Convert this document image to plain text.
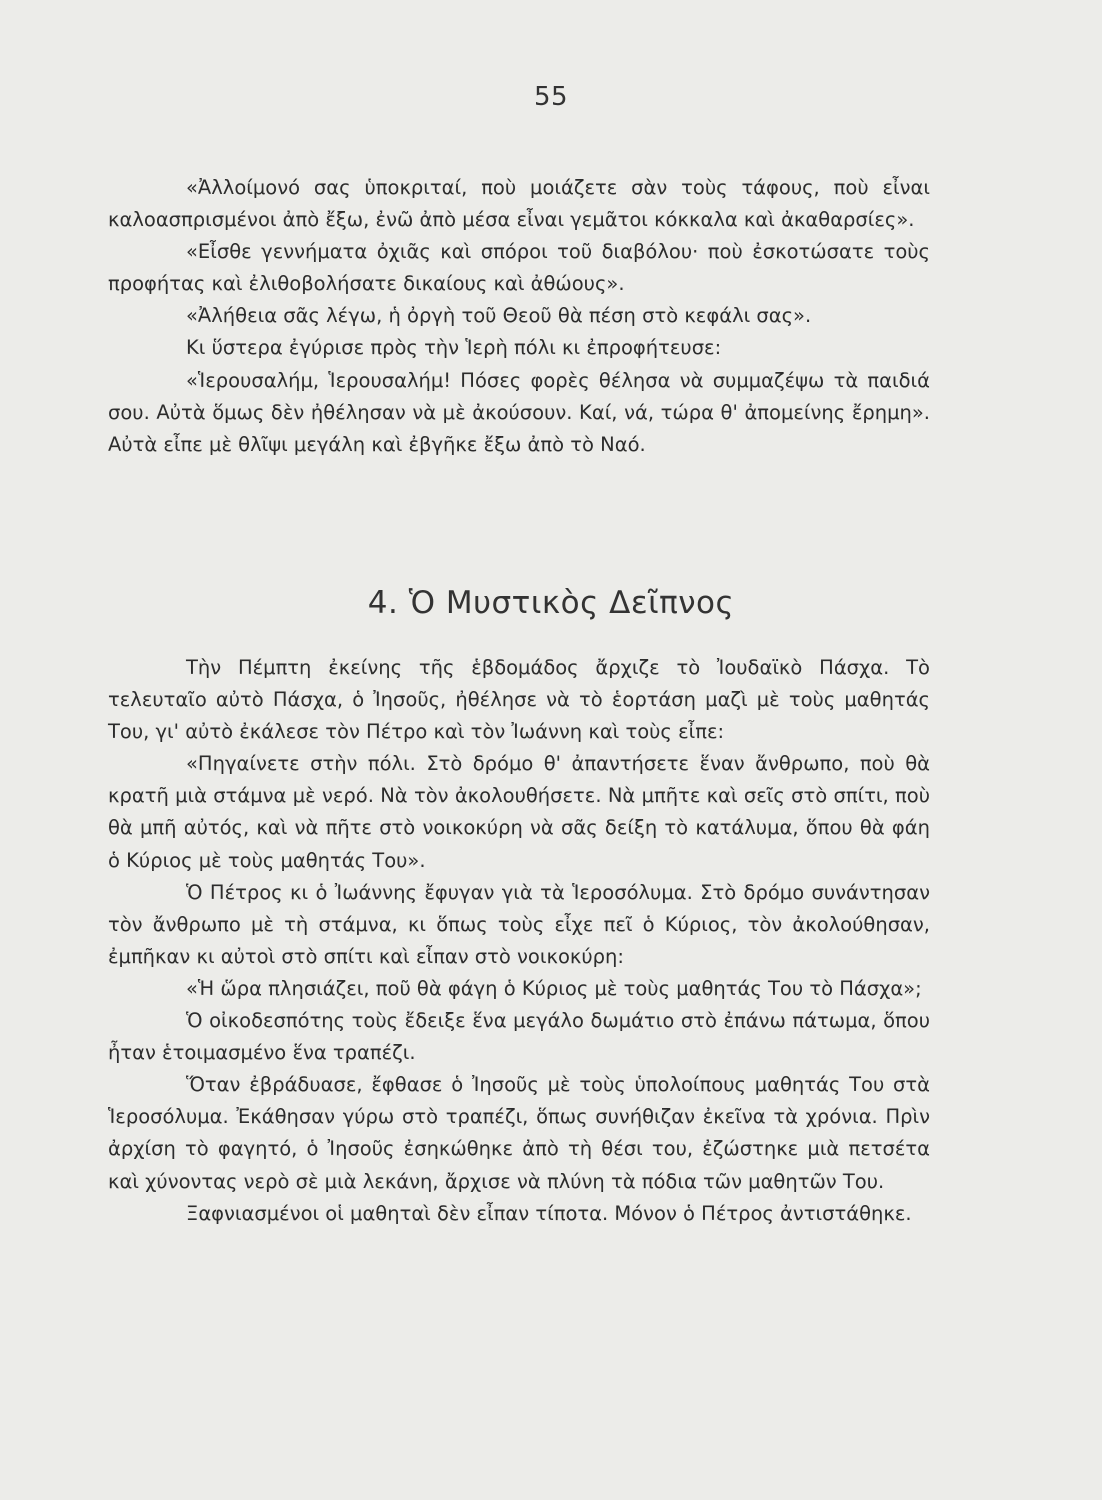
55

«Ἀλλοίμονό σας ὑποκριταί, ποὺ μοιάζετε σὰν τοὺς τάφους, ποὺ εἶναι καλοασπρισμένοι ἀπὸ ἔξω, ἐνῶ ἀπὸ μέσα εἶναι γεμᾶτοι κόκκαλα καὶ ἀκαθαρσίες».

«Εἶσθε γεννήματα ὀχιᾶς καὶ σπόροι τοῦ διαβόλου· ποὺ ἐσκοτώσατε τοὺς προφήτας καὶ ἐλιθοβολήσατε δικαίους καὶ ἀθώους».

«Ἀλήθεια σᾶς λέγω, ἡ ὀργὴ τοῦ Θεοῦ θὰ πέση στὸ κεφάλι σας».

Κι ὕστερα ἐγύρισε πρὸς τὴν Ἱερὴ πόλι κι ἐπροφήτευσε:

«Ἱερουσαλήμ, Ἱερουσαλήμ! Πόσες φορὲς θέλησα νὰ συμμαζέψω τὰ παιδιά σου. Αὐτὰ ὅμως δὲν ἠθέλησαν νὰ μὲ ἀκούσουν. Καί, νά, τώρα θ' ἀπομείνης ἔρημη». Αὐτὰ εἶπε μὲ θλῖψι μεγάλη καὶ ἐβγῆκε ἔξω ἀπὸ τὸ Ναό.

4. Ὁ Μυστικὸς Δεῖπνος

Τὴν Πέμπτη ἐκείνης τῆς ἑβδομάδος ἄρχιζε τὸ Ἰουδαϊκὸ Πάσχα. Τὸ τελευταῖο αὐτὸ Πάσχα, ὁ Ἰησοῦς, ἠθέλησε νὰ τὸ ἑορτάση μαζὶ μὲ τοὺς μαθητάς Του, γι' αὐτὸ ἐκάλεσε τὸν Πέτρο καὶ τὸν Ἰωάννη καὶ τοὺς εἶπε:

«Πηγαίνετε στὴν πόλι. Στὸ δρόμο θ' ἀπαντήσετε ἕναν ἄνθρωπο, ποὺ θὰ κρατῆ μιὰ στάμνα μὲ νερό. Νὰ τὸν ἀκολουθήσετε. Νὰ μπῆτε καὶ σεῖς στὸ σπίτι, ποὺ θὰ μπῆ αὐτός, καὶ νὰ πῆτε στὸ νοικοκύρη νὰ σᾶς δείξη τὸ κατάλυμα, ὅπου θὰ φάη ὁ Κύριος μὲ τοὺς μαθητάς Του».

Ὁ Πέτρος κι ὁ Ἰωάννης ἔφυγαν γιὰ τὰ Ἱεροσόλυμα. Στὸ δρόμο συνάντησαν τὸν ἄνθρωπο μὲ τὴ στάμνα, κι ὅπως τοὺς εἶχε πεῖ ὁ Κύριος, τὸν ἀκολούθησαν, ἐμπῆκαν κι αὐτοὶ στὸ σπίτι καὶ εἶπαν στὸ νοικοκύρη:

«Ἡ ὥρα πλησιάζει, ποῦ θὰ φάγη ὁ Κύριος μὲ τοὺς μαθητάς Του τὸ Πάσχα»;

Ὁ οἰκοδεσπότης τοὺς ἔδειξε ἕνα μεγάλο δωμάτιο στὸ ἐπάνω πάτωμα, ὅπου ἦταν ἑτοιμασμένο ἕνα τραπέζι.

Ὅταν ἐβράδυασε, ἔφθασε ὁ Ἰησοῦς μὲ τοὺς ὑπολοίπους μαθητάς Του στὰ Ἱεροσόλυμα. Ἐκάθησαν γύρω στὸ τραπέζι, ὅπως συνήθιζαν ἐκεῖνα τὰ χρόνια. Πρὶν ἀρχίση τὸ φαγητό, ὁ Ἰησοῦς ἐσηκώθηκε ἀπὸ τὴ θέσι του, ἐζώστηκε μιὰ πετσέτα καὶ χύνοντας νερὸ σὲ μιὰ λεκάνη, ἄρχισε νὰ πλύνη τὰ πόδια τῶν μαθητῶν Του.

Ξαφνιασμένοι οἱ μαθηταὶ δὲν εἶπαν τίποτα. Μόνον ὁ Πέτρος ἀντιστάθηκε.
